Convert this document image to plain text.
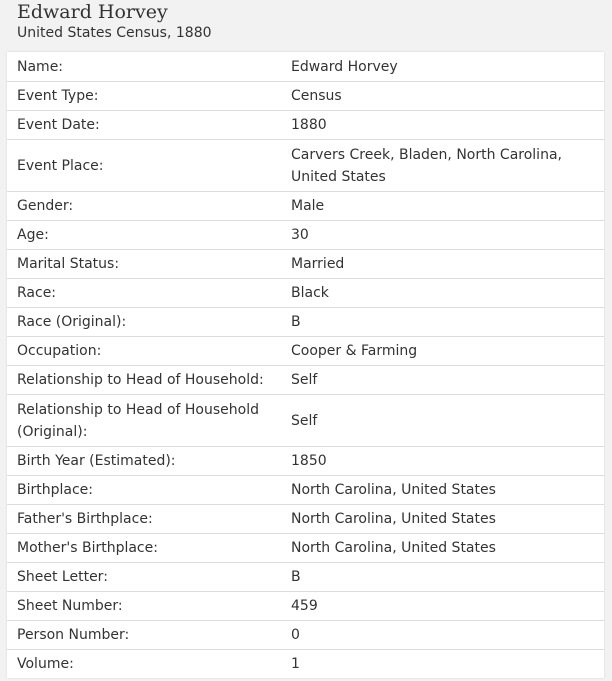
Edward Horvey
United States Census, 1880
Name:	Edward Horvey
Event Type:	Census
Event Date:	1880
Event Place:
Carvers Creek, Bladen, North Carolina, United States
Gender:	Male
Age:	30
Marital Status:	Married
Race:	Black
Race (Original):	B
Occupation:	Cooper & Farming
Relationship to Head of Household:	Self
Relationship to Head of Household (Original):
Self
Birth Year (Estimated):	1850
Birthplace:	North Carolina, United States
Father's Birthplace:	North Carolina, United States
Mother's Birthplace:	North Carolina, United States
Sheet Letter:	B
Sheet Number:	459
Person Number:	0
Volume:	1
